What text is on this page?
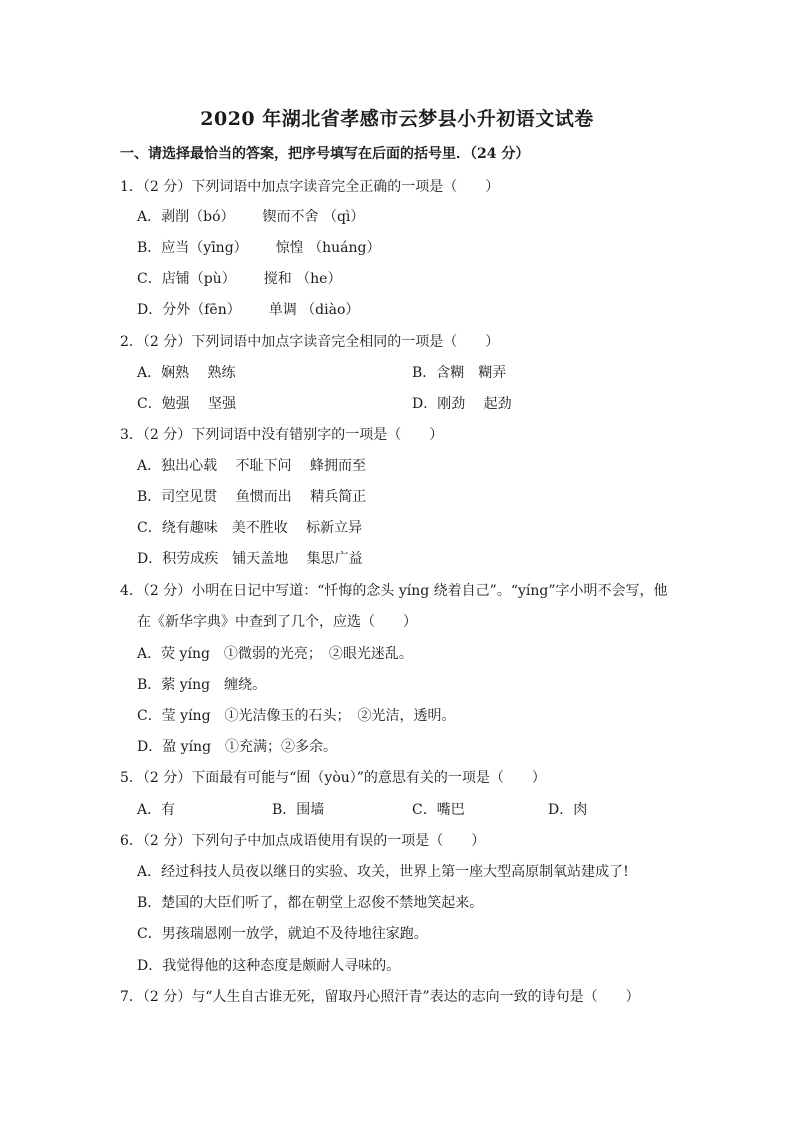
2020 年湖北省孝感市云梦县小升初语文试卷
一、请选择最恰当的答案，把序号填写在后面的括号里．（24 分）
1．（2 分）下列词语中加点字读音完全正确的一项是（　　）
A．剥削（bó） 锲而不舍 （qì）
B．应当（yīng） 惊惶 （huáng）
C．店铺（pù） 搅和 （he）
D．分外（fēn） 单调 （diào）
2．（2 分）下列词语中加点字读音完全相同的一项是（　　）
A．娴熟　 熟练	B．含糊　糊弄
C．勉强　 坚强	D．刚劲　 起劲
3．（2 分）下列词语中没有错别字的一项是（　　）
A．独出心载　 不耻下问　 蜂拥而至
B．司空见贯　 鱼惯而出　 精兵简正
C．绕有趣味　美不胜收　 标新立异
D．积劳成疾　铺天盖地　 集思广益
4．（2 分）小明在日记中写道：“忏悔的念头 yíng 绕着自己”。“yíng”字小明不会写，他
在《新华字典》中查到了几个，应选（　　）
A．荧 yíng　①微弱的光亮；　②眼光迷乱。
B．萦 yíng　缠绕。
C．莹 yíng　①光洁像玉的石头；　②光洁，透明。
D．盈 yíng　①充满；②多余。
5．（2 分）下面最有可能与“囿（yòu）”的意思有关的一项是（　　）
A．有	B．围墙	C．嘴巴	D．肉
6．（2 分）下列句子中加点成语使用有误的一项是（　　）
A．经过科技人员夜以继日的实验、攻关，世界上第一座大型高原制氧站建成了!
B．楚国的大臣们听了，都在朝堂上忍俊不禁地笑起来。
C．男孩瑞恩刚一放学，就迫不及待地往家跑。
D．我觉得他的这种态度是颇耐人寻味的。
7．（2 分）与“人生自古谁无死，留取丹心照汗青”表达的志向一致的诗句是（　　）
